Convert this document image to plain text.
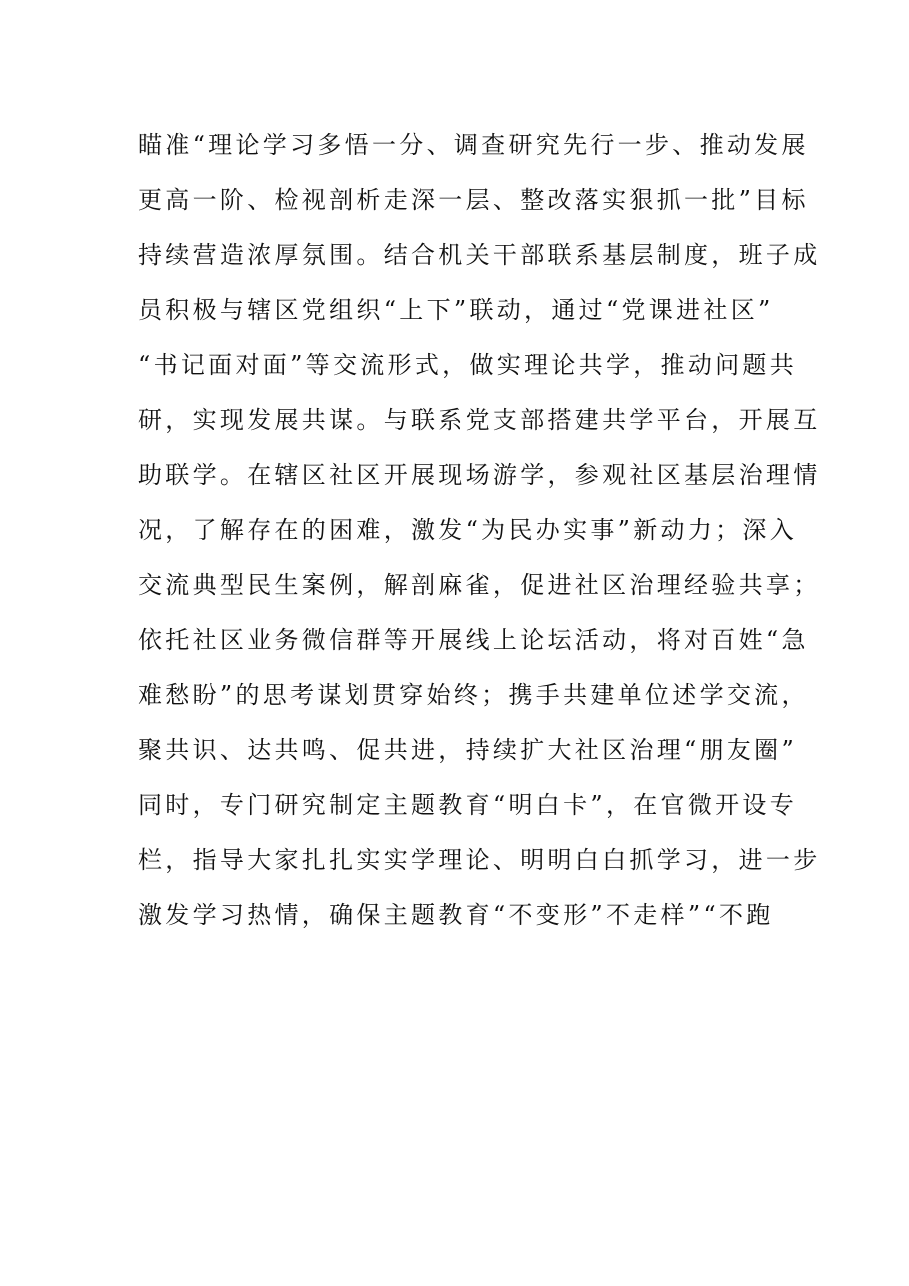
瞄准“理论学习多悟一分、调查研究先行一步、推动发展
更高一阶、检视剖析走深一层、整改落实狠抓一批”目标
持续营造浓厚氛围。结合机关干部联系基层制度，班子成
员积极与辖区党组织“上下”联动，通过“党课进社区”
“书记面对面”等交流形式，做实理论共学，推动问题共
研，实现发展共谋。与联系党支部搭建共学平台，开展互
助联学。在辖区社区开展现场游学，参观社区基层治理情
况，了解存在的困难，激发“为民办实事”新动力；深入
交流典型民生案例，解剖麻雀，促进社区治理经验共享；
依托社区业务微信群等开展线上论坛活动，将对百姓“急
难愁盼”的思考谋划贯穿始终；携手共建单位述学交流，
聚共识、达共鸣、促共进，持续扩大社区治理“朋友圈”
同时，专门研究制定主题教育“明白卡”，在官微开设专
栏，指导大家扎扎实实学理论、明明白白抓学习，进一步
激发学习热情，确保主题教育“不变形”不走样”“不跑
